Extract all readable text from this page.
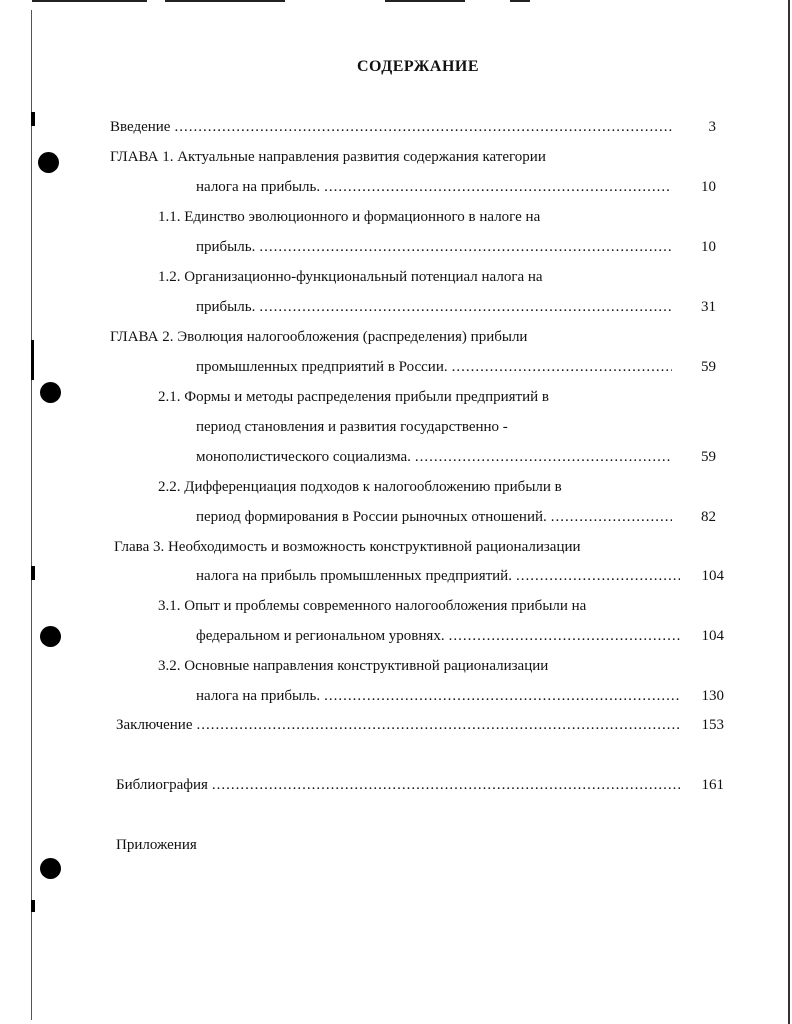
СОДЕРЖАНИЕ
Введение .....	3
ГЛАВА 1. Актуальные направления развития содержания категории
налога на прибыль. .....	10
1.1. Единство эволюционного и формационного в налоге на
прибыль. .....	10
1.2. Организационно-функциональный потенциал налога на
прибыль. .....	31
ГЛАВА 2. Эволюция налогообложения (распределения) прибыли
промышленных предприятий в России. .....	59
2.1. Формы и методы распределения прибыли предприятий в
период становления и развития государственно -
монополистического социализма. .....	59
2.2. Дифференциация подходов к налогообложению прибыли в
период формирования в России рыночных отношений. .....	82
Глава 3. Необходимость и возможность конструктивной рационализации
налога на прибыль промышленных предприятий. .....	104
3.1. Опыт и проблемы современного налогообложения прибыли на
федеральном и региональном уровнях. .....	104
3.2. Основные направления конструктивной рационализации
налога на прибыль. .....	130
Заключение .....	153
Библиография .....	161
Приложения
